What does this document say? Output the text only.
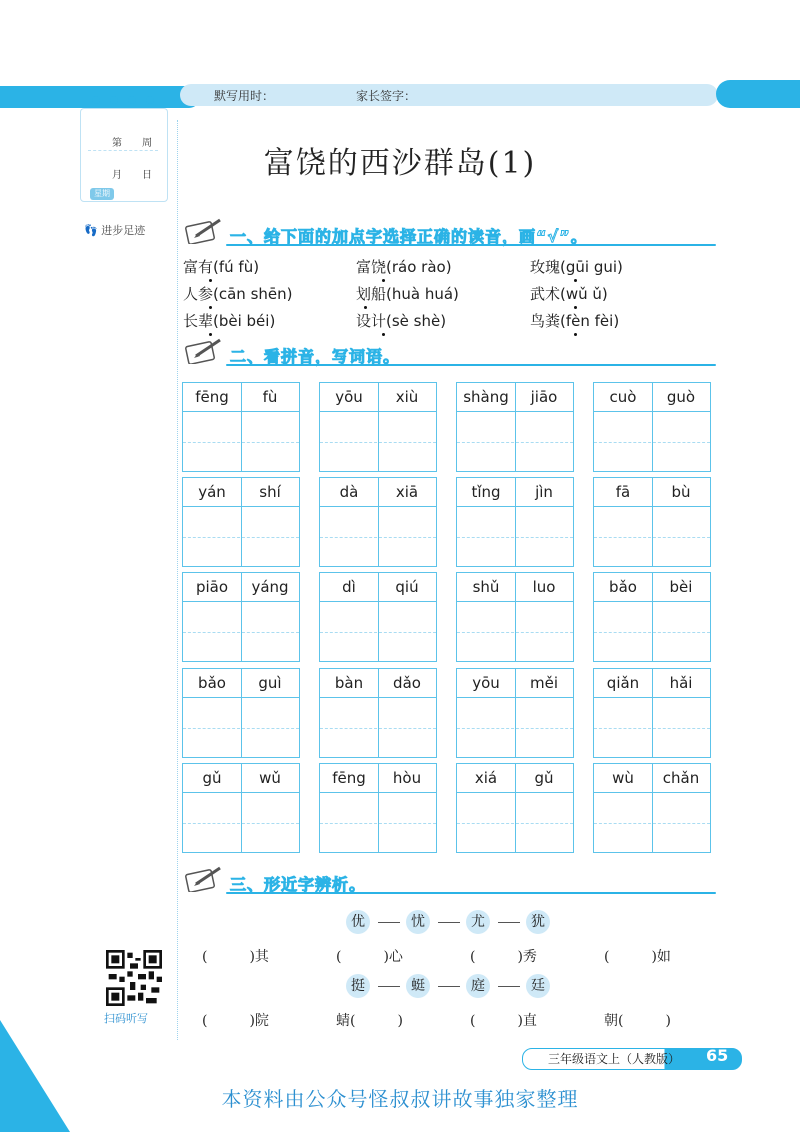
默写用时：	家长签字：
第 周
月 日
星期
👣 进步足迹
富饶的西沙群岛(1)
一、给下面的加点字选择正确的读音，画“√”。
富有(fú fù)	富饶(ráo rào)	玫瑰(gūi gui)
人参(cān shēn)	划船(huà huá)	武术(wǔ ǔ)
长辈(bèi béi)	设计(sè shè)	鸟粪(fèn fèi)
二、看拼音，写词语。
fēng	fù	yōu	xiù	shàng	jiāo	cuò	guò
yán	shí	dà	xiā	tǐng	jìn	fā	bù
piāo	yáng	dì	qiú	shǔ	luo	bǎo	bèi
bǎo	guì	bàn	dǎo	yōu	měi	qiǎn	hǎi
gǔ	wǔ	fēng	hòu	xiá	gǔ	wù	chǎn
三、形近字辨析。
优	忧	尤	犹
(　　　)其	(　　　)心	(　　　)秀	(　　　)如
挺	蜓	庭	廷
(　　　)院	蜻(　　　)	(　　　)直	朝(　　　)
扫码听写
三年级语文上（人教版） 65
本资料由公众号怪叔叔讲故事独家整理
